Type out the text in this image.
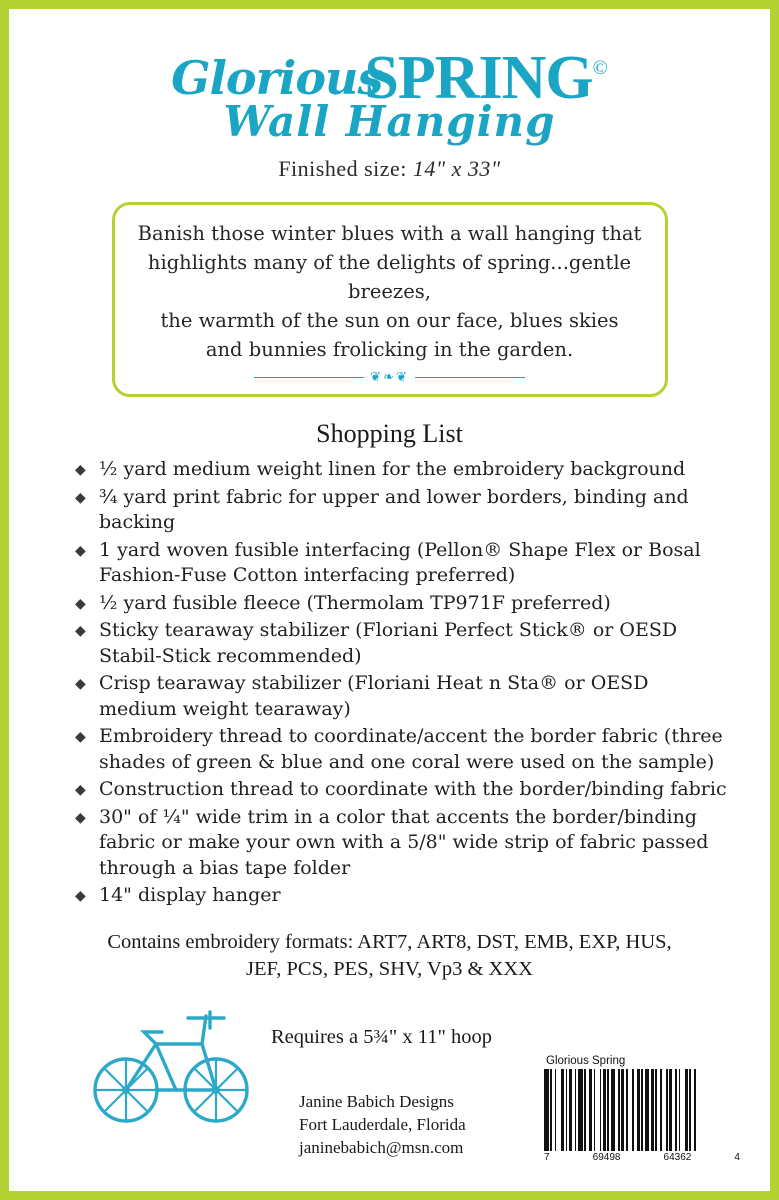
GloriousSPRING©
Wall Hanging
Finished size: 14" x 33"
Banish those winter blues with a wall hanging that
highlights many of the delights of spring...gentle breezes,
the warmth of the sun on our face, blues skies
and bunnies frolicking in the garden.
❦❧❦
Shopping List
◆ ½ yard medium weight linen for the embroidery background
◆ ¾ yard print fabric for upper and lower borders, binding and backing
◆ 1 yard woven fusible interfacing (Pellon® Shape Flex or Bosal Fashion-Fuse Cotton interfacing preferred)
◆ ½ yard fusible fleece (Thermolam TP971F preferred)
◆ Sticky tearaway stabilizer (Floriani Perfect Stick® or OESD Stabil-Stick recommended)
◆ Crisp tearaway stabilizer (Floriani Heat n Sta® or OESD medium weight tearaway)
◆ Embroidery thread to coordinate/accent the border fabric (three shades of green & blue and one coral were used on the sample)
◆ Construction thread to coordinate with the border/binding fabric
◆ 30" of ¼" wide trim in a color that accents the border/binding fabric or make your own with a 5/8" wide strip of fabric passed through a bias tape folder
◆ 14" display hanger
Contains embroidery formats: ART7, ART8, DST, EMB, EXP, HUS,
JEF, PCS, PES, SHV, Vp3 & XXX
Requires a 5¾" x 11" hoop
Janine Babich Designs
Fort Lauderdale, Florida
janinebabich@msn.com
Glorious Spring
7	69498	64362	4
